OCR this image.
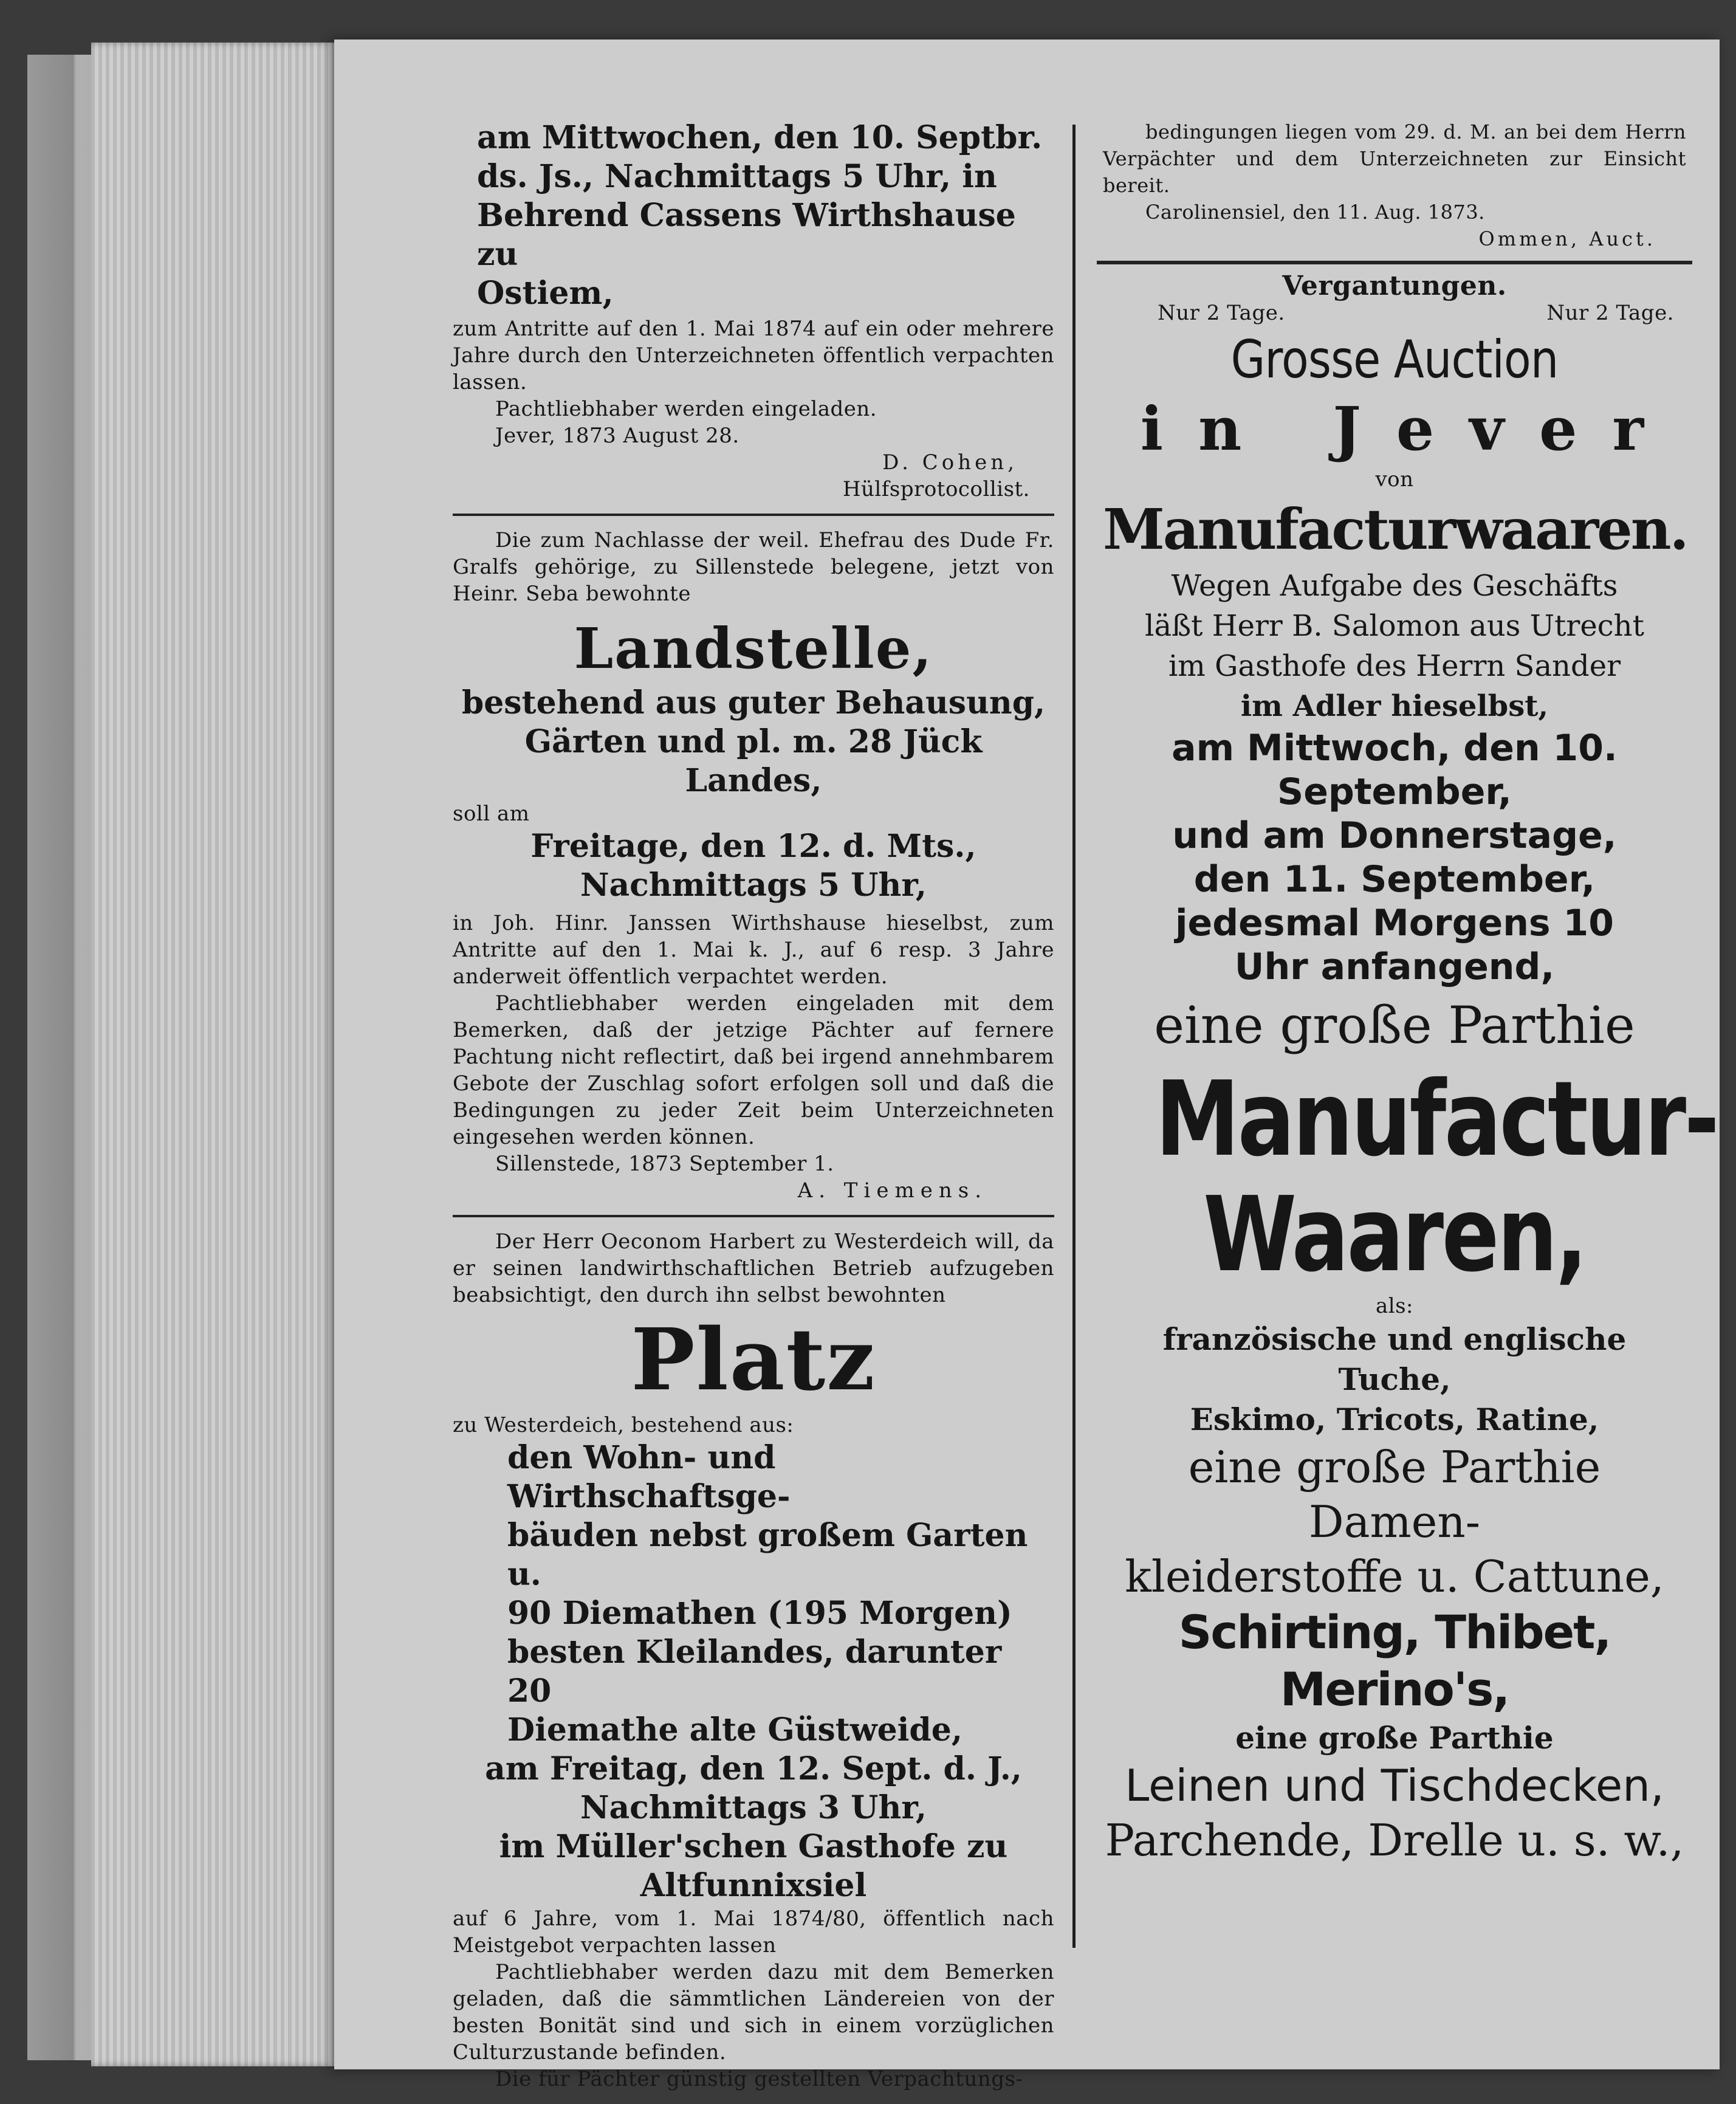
am Mittwochen, den 10. Septbr.

ds. Js., Nachmittags 5 Uhr, in

Behrend Cassens Wirthshause zu

Ostiem,

zum Antritte auf den 1. Mai 1874 auf ein oder mehrere Jahre durch den Unterzeichneten öffentlich verpachten lassen.

Pachtliebhaber werden eingeladen.

Jever, 1873 August 28.

D. Cohen,

Hülfsprotocollist.

Die zum Nachlasse der weil. Ehefrau des Dude Fr. Gralfs gehörige, zu Sillenstede belegene, jetzt von Heinr. Seba bewohnte

Landstelle,

bestehend aus guter Behausung,

Gärten und pl. m. 28 Jück

Landes,

soll am

Freitage, den 12. d. Mts.,

Nachmittags 5 Uhr,

in Joh. Hinr. Janssen Wirthshause hieselbst, zum Antritte auf den 1. Mai k. J., auf 6 resp. 3 Jahre anderweit öffentlich verpachtet werden.

Pachtliebhaber werden eingeladen mit dem Bemerken, daß der jetzige Pächter auf fernere Pachtung nicht reflectirt, daß bei irgend annehmbarem Gebote der Zuschlag sofort erfolgen soll und daß die Bedingungen zu jeder Zeit beim Unterzeichneten eingesehen werden können.

Sillenstede, 1873 September 1.

A. Tiemens.

Der Herr Oeconom Harbert zu Westerdeich will, da er seinen landwirthschaftlichen Betrieb aufzugeben beabsichtigt, den durch ihn selbst bewohnten

Platz

zu Westerdeich, bestehend aus:

den Wohn- und Wirthschaftsge-

bäuden nebst großem Garten u.

90 Diemathen (195 Morgen)

besten Kleilandes, darunter 20

Diemathe alte Güstweide,

am Freitag, den 12. Sept. d. J.,

Nachmittags 3 Uhr,

im Müller'schen Gasthofe zu

Altfunnixsiel

auf 6 Jahre, vom 1. Mai 1874/80, öffentlich nach Meistgebot verpachten lassen

Pachtliebhaber werden dazu mit dem Bemerken geladen, daß die sämmtlichen Ländereien von der besten Bonität sind und sich in einem vorzüglichen Culturzustande befinden.

Die für Pächter günstig gestellten Verpachtungs-

bedingungen liegen vom 29. d. M. an bei dem Herrn Verpächter und dem Unterzeichneten zur Einsicht bereit.

Carolinensiel, den 11. Aug. 1873.

Ommen, Auct.

Vergantungen.

Nur 2 Tage.	Nur 2 Tage.

Grosse Auction

in Jever

von

Manufacturwaaren.

Wegen Aufgabe des Geschäfts

läßt Herr B. Salomon aus Utrecht

im Gasthofe des Herrn Sander

im Adler hieselbst,

am Mittwoch, den 10.

September,

und am Donnerstage,

den 11. September,

jedesmal Morgens 10

Uhr anfangend,

eine große Parthie

Manufactur-

Waaren,

als:

französische und englische Tuche,

Eskimo, Tricots, Ratine,

eine große Parthie Damen-

kleiderstoffe u. Cattune,

Schirting, Thibet, Merino's,

eine große Parthie

Leinen und Tischdecken,

Parchende, Drelle u. s. w.,
